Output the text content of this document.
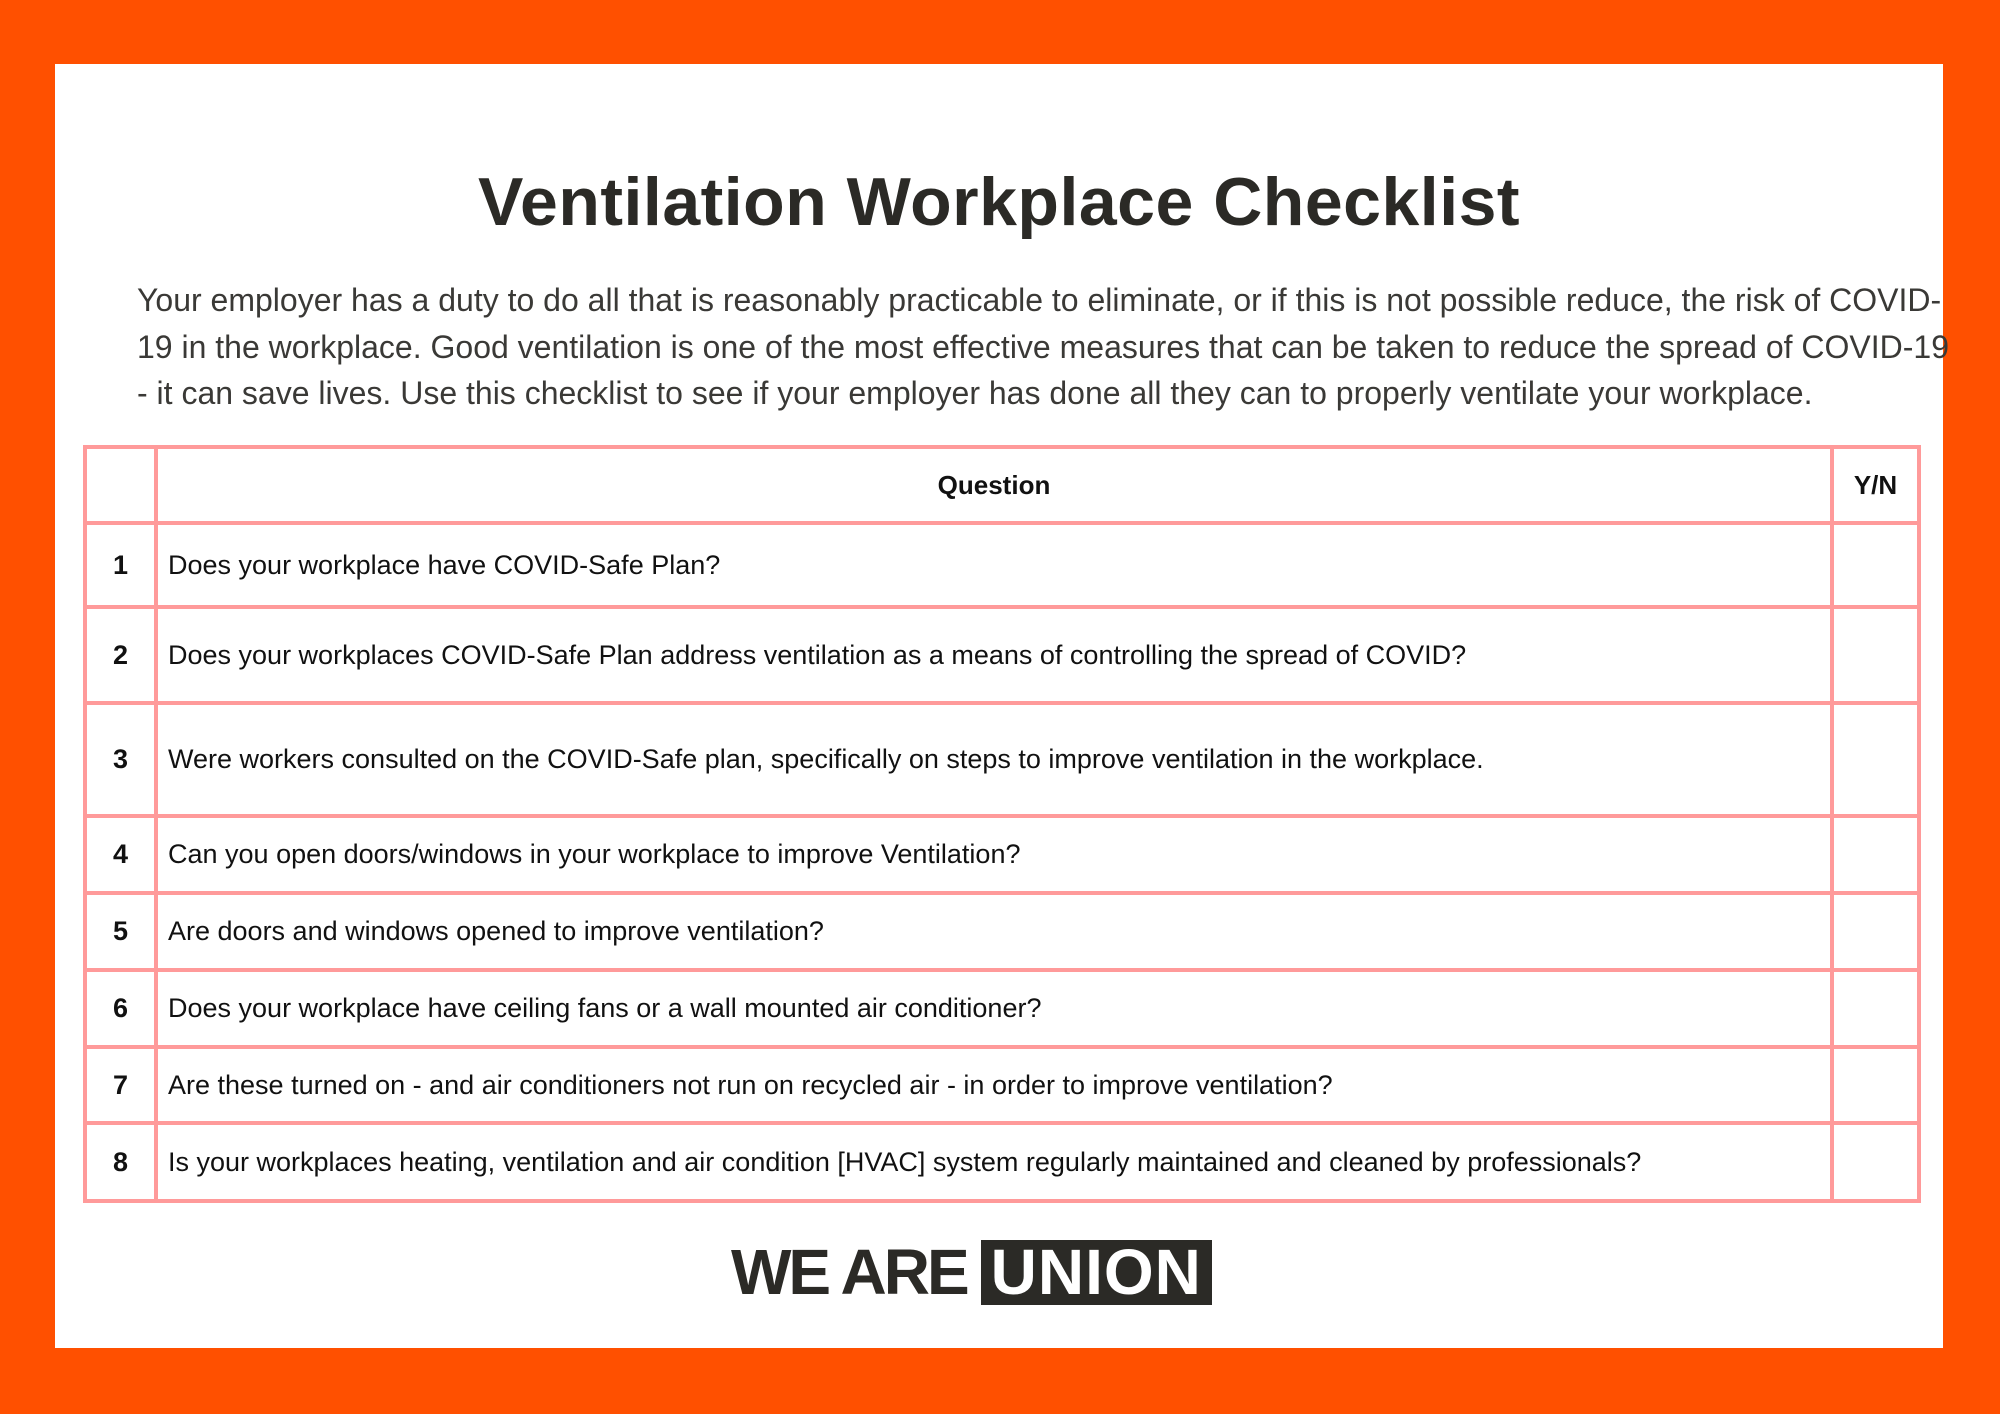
Ventilation Workplace Checklist

Your employer has a duty to do all that is reasonably practicable to eliminate, or if this is not possible reduce, the risk of COVID-19 in the workplace. Good ventilation is one of the most effective measures that can be taken to reduce the spread of COVID-19 - it can save lives. Use this checklist to see if your employer has done all they can to properly ventilate your workplace.

	Question	Y/N
1	Does your workplace have COVID-Safe Plan?	
2	Does your workplaces COVID-Safe Plan address ventilation as a means of controlling the spread of COVID?	
3	Were workers consulted on the COVID-Safe plan, specifically on steps to improve ventilation in the workplace.	
4	Can you open doors/windows in your workplace to improve Ventilation?	
5	Are doors and windows opened to improve ventilation?	
6	Does your workplace have ceiling fans or a wall mounted air conditioner?	
7	Are these turned on - and air conditioners not run on recycled air - in order to improve ventilation?	
8	Is your workplaces heating, ventilation and air condition [HVAC] system regularly maintained and cleaned by professionals?	
WE ARE UNION
